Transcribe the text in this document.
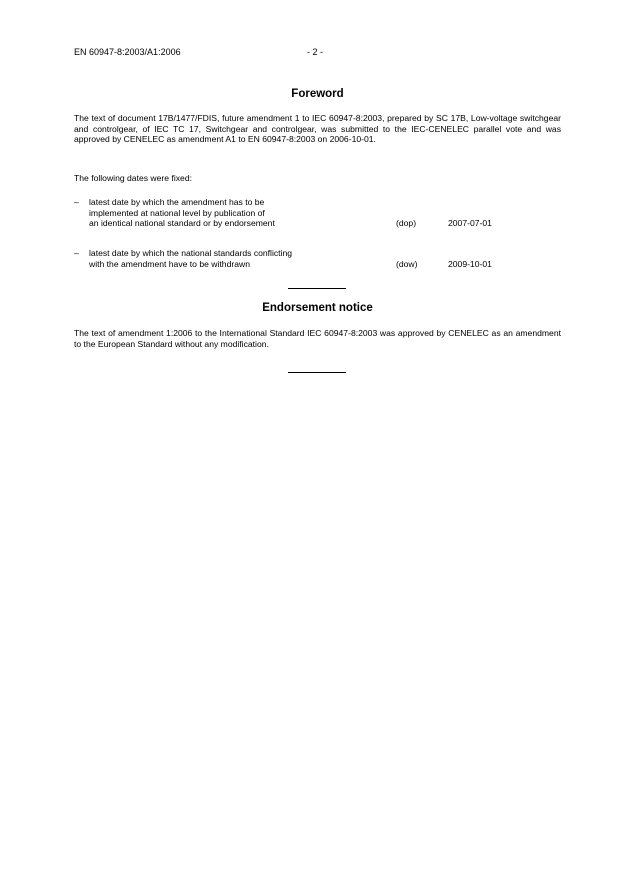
EN 60947-8:2003/A1:2006	- 2 -
Foreword
The text of document 17B/1477/FDIS, future amendment 1 to IEC 60947-8:2003, prepared by SC 17B, Low-voltage switchgear and controlgear, of IEC TC 17, Switchgear and controlgear, was submitted to the IEC-CENELEC parallel vote and was approved by CENELEC as amendment A1 to EN 60947-8:2003 on 2006-10-01.
The following dates were fixed:
– latest date by which the amendment has to be
implemented at national level by publication of
an identical national standard or by endorsement	(dop)	2007-07-01
– latest date by which the national standards conflicting
with the amendment have to be withdrawn	(dow)	2009-10-01
Endorsement notice
The text of amendment 1:2006 to the International Standard IEC 60947-8:2003 was approved by CENELEC as an amendment to the European Standard without any modification.
